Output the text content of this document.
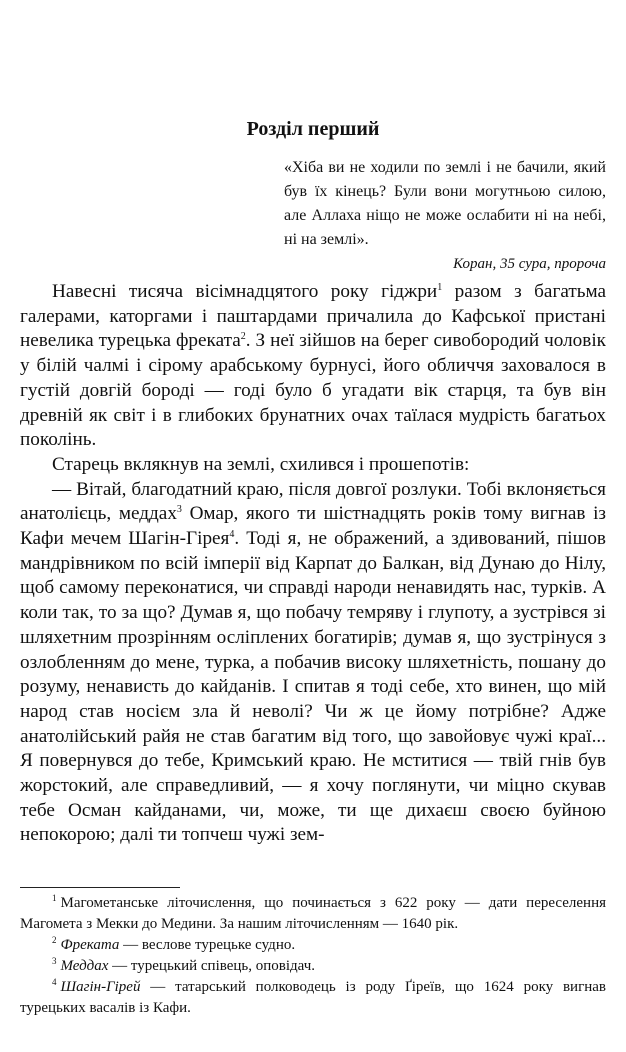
Розділ перший

«Хіба ви не ходили по землі і не бачили, який був їх кінець? Були вони могутньою силою, але Аллаха ніщо не може ослабити ні на небі, ні на землі».

Коран, 35 сура, пророча

Навесні тисяча вісімнадцятого року гіджри$^1$ разом з багатьма галерами, каторгами і паштардами причалила до Кафської пристані невелика турецька фреката$^2$. З неї зійшов на берег сивобородий чоловік у білій чалмі і сірому арабському бурнусі, його обличчя заховалося в густій довгій бороді — годі було б угадати вік старця, та був він древній як світ і в глибоких брунатних очах таїлася мудрість багатьох поколінь.

Старець вклякнув на землі, схилився і прошепотів:

— Вітай, благодатний краю, після довгої розлуки. Тобі вклоняється анатолієць, меддах$^3$ Омар, якого ти шістнадцять років тому вигнав із Кафи мечем Шагін-Гірея$^4$. Тоді я, не ображений, а здивований, пішов мандрівником по всій імперії від Карпат до Балкан, від Дунаю до Нілу, щоб самому переконатися, чи справді народи ненавидять нас, турків. А коли так, то за що? Думав я, що побачу темряву і глупоту, а зустрівся зі шляхетним прозрінням осліплених богатирів; думав я, що зустрінуся з озлобленням до мене, турка, а побачив високу шляхетність, пошану до розуму, ненависть до кайданів. І спитав я тоді себе, хто винен, що мій народ став носієм зла й неволі? Чи ж це йому потрібне? Адже анатолійський райя не став багатим від того, що завойовує чужі краї... Я повернувся до тебе, Кримський краю. Не мститися — твій гнів був жорстокий, але справедливий, — я хочу поглянути, чи міцно скував тебе Осман кайданами, чи, може, ти ще дихаєш своєю буйною непокорою; далі ти топчеш чужі зем-

$^1$ Магометанське літочислення, що починається з 622 року — дати переселення Магомета з Мекки до Медини. За нашим літочисленням — 1640 рік.

$^2$ Фреката — веслове турецьке судно.

$^3$ Меддах — турецький співець, оповідач.

$^4$ Шагін-Гірей — татарський полководець із роду Ґіреїв, що 1624 року вигнав турецьких васалів із Кафи.
